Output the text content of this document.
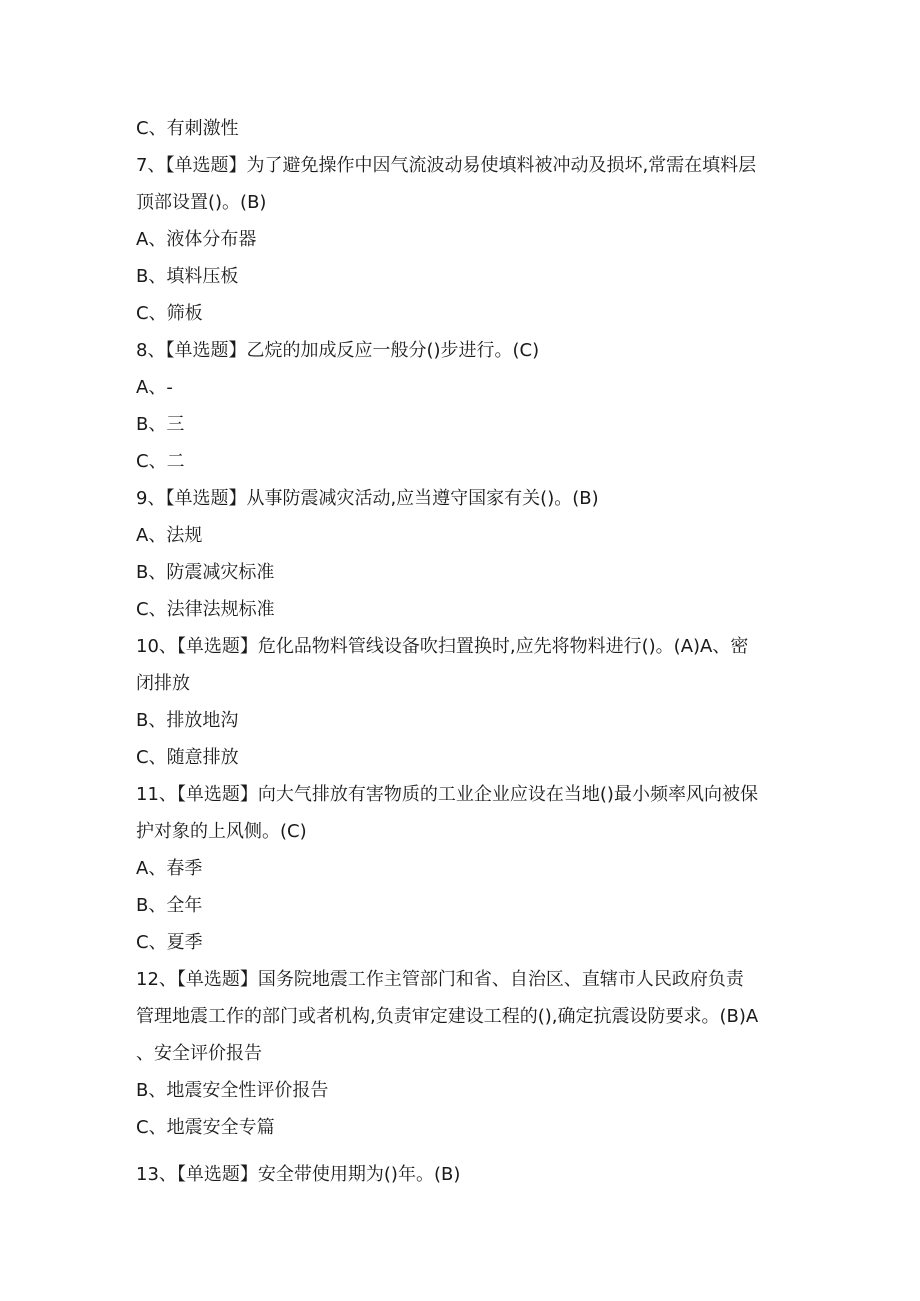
C、有刺激性
7、【单选题】为了避免操作中因气流波动易使填料被冲动及损坏,常需在填料层
顶部设置()。(B)
A、液体分布器
B、填料压板
C、筛板
8、【单选题】乙烷的加成反应一般分()步进行。(C)
A、-
B、三
C、二
9、【单选题】从事防震减灾活动,应当遵守国家有关()。(B)
A、法规
B、防震减灾标准
C、法律法规标准
10、【单选题】危化品物料管线设备吹扫置换时,应先将物料进行()。(A)A、密
闭排放
B、排放地沟
C、随意排放
11、【单选题】向大气排放有害物质的工业企业应设在当地()最小频率风向被保
护对象的上风侧。(C)
A、春季
B、全年
C、夏季
12、【单选题】国务院地震工作主管部门和省、自治区、直辖市人民政府负责
管理地震工作的部门或者机构,负责审定建设工程的(),确定抗震设防要求。(B)A
、安全评价报告
B、地震安全性评价报告
C、地震安全专篇
13、【单选题】安全带使用期为()年。(B)
